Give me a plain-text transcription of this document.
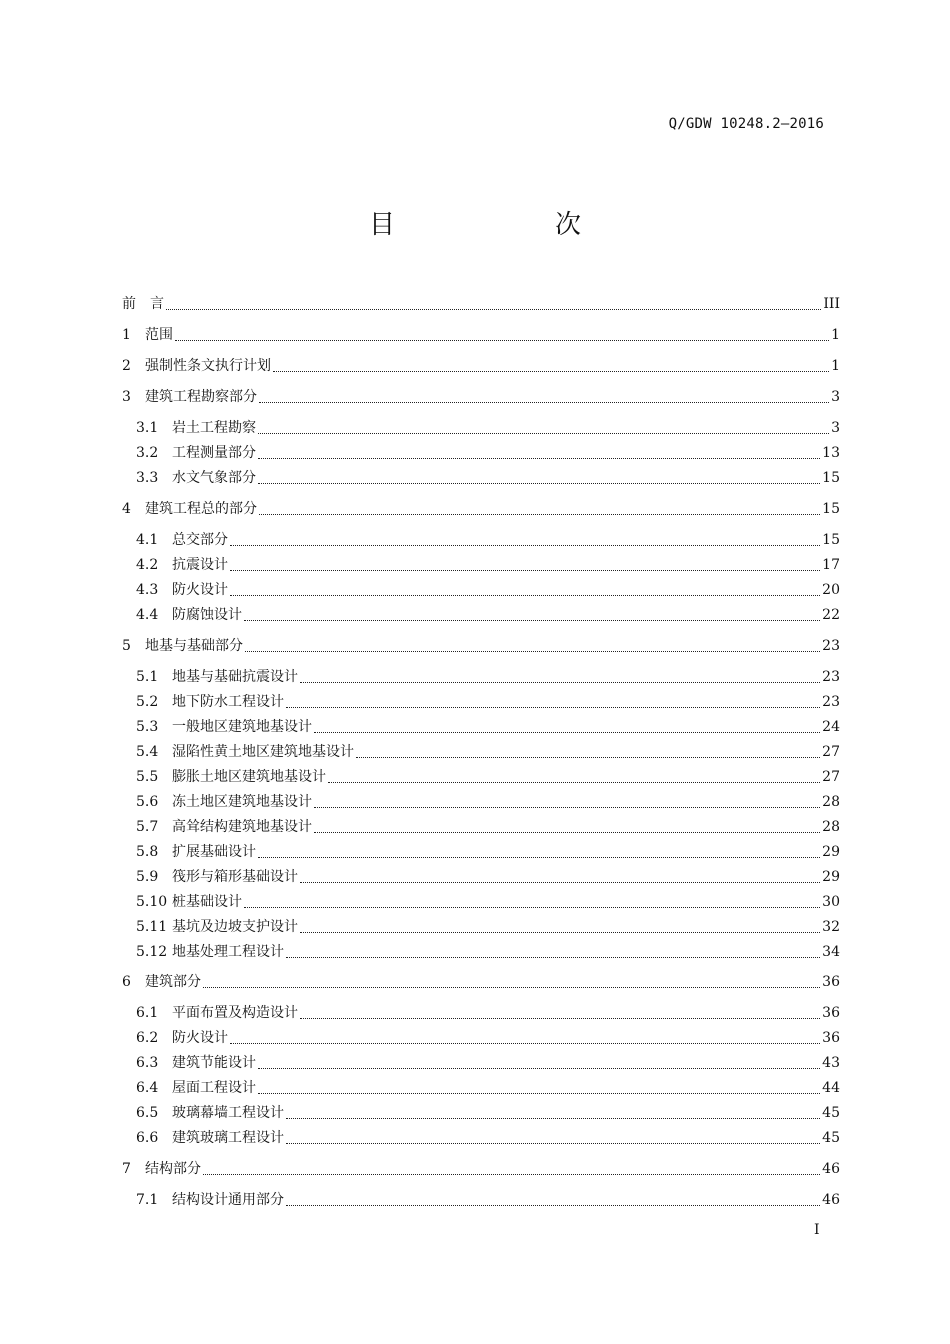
Q/GDW 10248.2—2016
目　　次
前　言	III
1	范围	1
2	强制性条文执行计划	1
3	建筑工程勘察部分	3
3.1 岩土工程勘察	3
3.2 工程测量部分	13
3.3 水文气象部分	15
4	建筑工程总的部分	15
4.1 总交部分	15
4.2 抗震设计	17
4.3 防火设计	20
4.4 防腐蚀设计	22
5	地基与基础部分	23
5.1 地基与基础抗震设计	23
5.2 地下防水工程设计	23
5.3 一般地区建筑地基设计	24
5.4 湿陷性黄土地区建筑地基设计	27
5.5 膨胀土地区建筑地基设计	27
5.6 冻土地区建筑地基设计	28
5.7 高耸结构建筑地基设计	28
5.8 扩展基础设计	29
5.9 筏形与箱形基础设计	29
5.10 桩基础设计	30
5.11 基坑及边坡支护设计	32
5.12 地基处理工程设计	34
6	建筑部分	36
6.1 平面布置及构造设计	36
6.2 防火设计	36
6.3 建筑节能设计	43
6.4 屋面工程设计	44
6.5 玻璃幕墙工程设计	45
6.6 建筑玻璃工程设计	45
7	结构部分	46
7.1 结构设计通用部分	46
I
